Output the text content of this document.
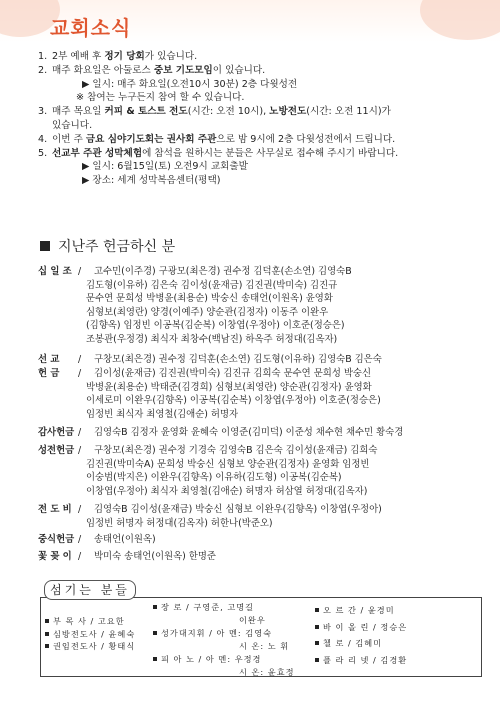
교회소식
1. 2부 예배 후 정기 당회가 있습니다.
2. 매주 화요일은 아둘로스 중보 기도모임이 있습니다.
▶ 일시: 매주 화요일(오전10시 30분) 2층 다윗성전
※ 참여는 누구든지 참여 할 수 있습니다.
3. 매주 목요일 커피 & 토스트 전도(시간: 오전 10시), 노방전도(시간: 오전 11시)가
있습니다.
4. 이번 주 금요 심야기도회는 권사회 주관으로 밤 9시에 2층 다윗성전에서 드립니다.
5. 선교부 주관 성막체험에 참석을 원하시는 분들은 사무실로 접수해 주시기 바랍니다.
▶ 일시: 6월15일(토) 오전9시 교회출발
▶ 장소: 세계 성막복음센터(평택)
지난주 헌금하신 분
십 일 조 / 고수민(이주경) 구광모(최은경) 권수정 김덕훈(손소연) 김영숙B
김도형(이유하) 김은숙 김이성(윤재금) 김진권(박미숙) 김진규
문수연 문희성 박병윤(최용순) 박숭신 송태언(이원옥) 윤영화
심형보(최영란) 양경(이예주) 양순관(김정자) 이동주 이완우
(김향옥) 임정빈 이공복(김순복) 이창엽(우정아) 이호준(정승은)
조봉관(우정경) 최식자 최창수(백남진) 하옥주 허정대(김옥자)
선 교 / 구창모(최은경) 권수정 김덕훈(손소연) 김도형(이유하) 김영숙B 김은숙
헌 금 / 김이성(윤재금) 김진권(박미숙) 김진규 김희숙 문수연 문희성 박숭신
박병윤(최용순) 박태준(김경희) 심형보(최영란) 양순관(김정자) 윤영화
이세로미 이완우(김향옥) 이공복(김순복) 이창엽(우정아) 이호준(정승은)
임정빈 최식자 최영철(김애순) 허명자
감사헌금 / 김영숙B 김정자 윤영화 윤혜숙 이영준(김미덕) 이준성 채수현 채수민 황숙경
성전헌금 / 구창모(최은경) 권수정 기경숙 김영숙B 김은숙 김이성(윤재금) 김희숙
김진권(박미숙A) 문희성 박숭신 심형보 양순관(김정자) 윤영화 임정빈
이숭범(박지은) 이완우(김향옥) 이유하(김도형) 이공복(김순복)
이창엽(우정아) 최식자 최영철(김애순) 허명자 허삼열 허정대(김옥자)
전 도 비 / 김영숙B 김이성(윤재금) 박숭신 심형보 이완우(김향옥) 이창엽(우정아)
임정빈 허명자 허정대(김옥자) 허한나(박준오)
중식헌금 / 송태언(이원옥)
꽃 꽂 이 / 박미숙 송태언(이원옥) 한명준
부 목 사 / 고요한
심방전도사 / 윤혜숙
권임전도사 / 황태식
장 로 / 구영준, 고명길
이완우
성가대지휘 / 아 멘: 김영숙
시 온: 노 휘
피 아 노 / 아 멘: 우정경
시 온: 윤효정
오 르 간 / 윤경미
바 이 올 린 / 정승은
첼 로 / 김혜미
플 라 리 넷 / 김경환
섬기는 분들
